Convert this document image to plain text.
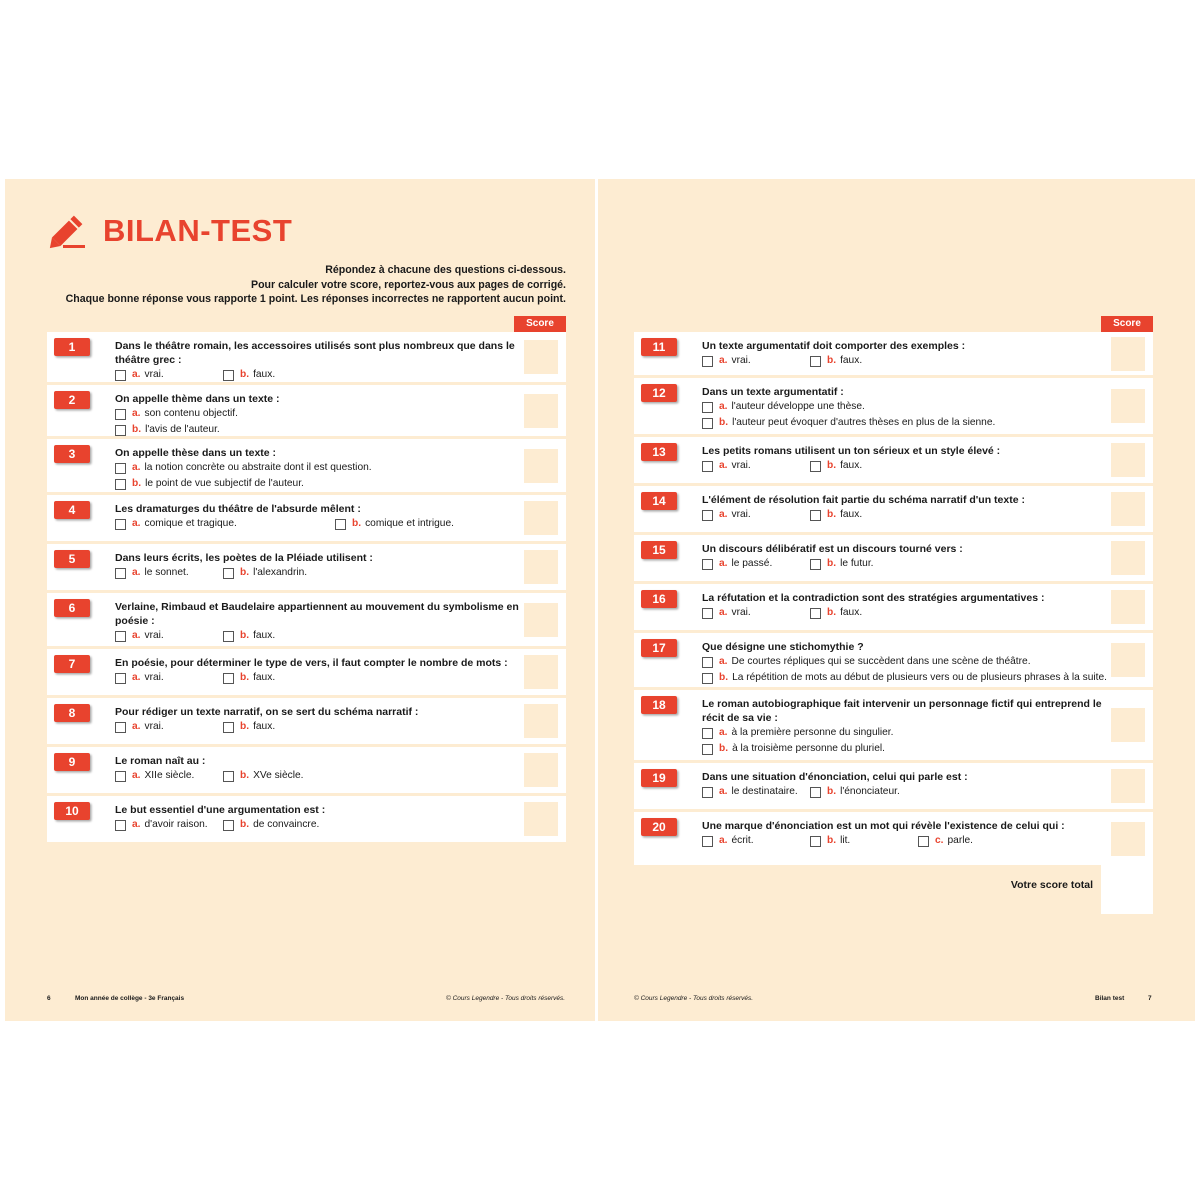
BILAN-TEST
Répondez à chacune des questions ci-dessous.
Pour calculer votre score, reportez-vous aux pages de corrigé.
Chaque bonne réponse vous rapporte 1 point. Les réponses incorrectes ne rapportent aucun point.
Score
1	Dans le théâtre romain, les accessoires utilisés sont plus nombreux que dans le
théâtre grec :
a. vrai.	b. faux.
2	On appelle thème dans un texte :
a. son contenu objectif.
b. l'avis de l'auteur.
3	On appelle thèse dans un texte :
a. la notion concrète ou abstraite dont il est question.
b. le point de vue subjectif de l'auteur.
4	Les dramaturges du théâtre de l'absurde mêlent :
a. comique et tragique.	b. comique et intrigue.
5	Dans leurs écrits, les poètes de la Pléiade utilisent :
a. le sonnet.	b. l'alexandrin.
6	Verlaine, Rimbaud et Baudelaire appartiennent au mouvement du symbolisme en
poésie :
a. vrai.	b. faux.
7	En poésie, pour déterminer le type de vers, il faut compter le nombre de mots :
a. vrai.	b. faux.
8	Pour rédiger un texte narratif, on se sert du schéma narratif :
a. vrai.	b. faux.
9	Le roman naît au :
a. XIIe siècle.	b. XVe siècle.
10	Le but essentiel d'une argumentation est :
a. d'avoir raison.	b. de convaincre.
6	Mon année de collège - 3e Français	© Cours Legendre - Tous droits réservés.
Score
11	Un texte argumentatif doit comporter des exemples :
a. vrai.	b. faux.
12	Dans un texte argumentatif :
a. l'auteur développe une thèse.
b. l'auteur peut évoquer d'autres thèses en plus de la sienne.
13	Les petits romans utilisent un ton sérieux et un style élevé :
a. vrai.	b. faux.
14	L'élément de résolution fait partie du schéma narratif d'un texte :
a. vrai.	b. faux.
15	Un discours délibératif est un discours tourné vers :
a. le passé.	b. le futur.
16	La réfutation et la contradiction sont des stratégies argumentatives :
a. vrai.	b. faux.
17	Que désigne une stichomythie ?
a. De courtes répliques qui se succèdent dans une scène de théâtre.
b. La répétition de mots au début de plusieurs vers ou de plusieurs phrases à la suite.
18	Le roman autobiographique fait intervenir un personnage fictif qui entreprend le
récit de sa vie :
a. à la première personne du singulier.
b. à la troisième personne du pluriel.
19	Dans une situation d'énonciation, celui qui parle est :
a. le destinataire.	b. l'énonciateur.
20	Une marque d'énonciation est un mot qui révèle l'existence de celui qui :
a. écrit.	b. lit.	c. parle.
Votre score total
© Cours Legendre - Tous droits réservés.	Bilan test	7
